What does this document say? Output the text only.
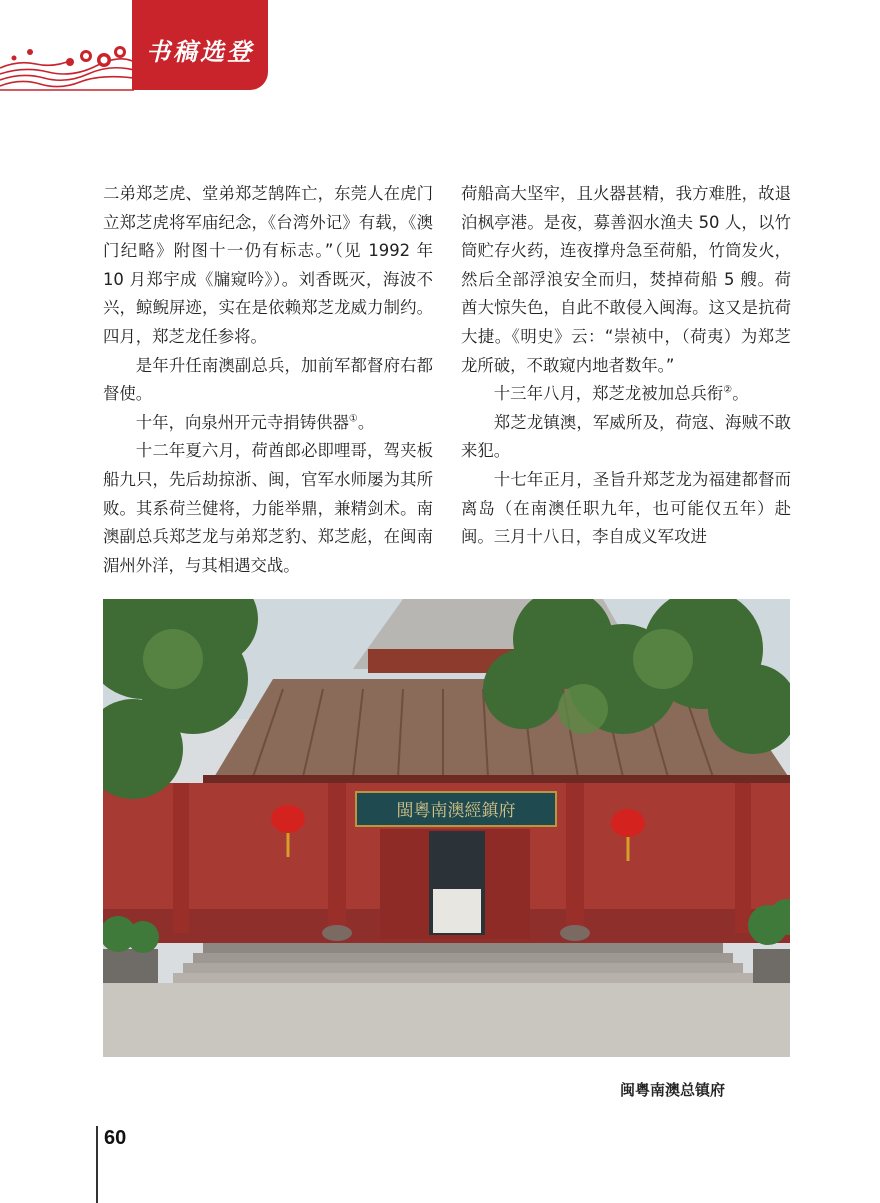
书稿选登

二弟郑芝虎、堂弟郑芝鹄阵亡，东莞人在虎门立郑芝虎将军庙纪念，《台湾外记》有载，《澳门纪略》附图十一仍有标志。”（见 1992 年 10 月郑宇成《牖窥吟》）。刘香既灭，海波不兴，鲸鲵屏迹，实在是依赖郑芝龙威力制约。四月，郑芝龙任参将。

是年升任南澳副总兵，加前军都督府右都督使。

十年，向泉州开元寺捐铸供器①。

十二年夏六月，荷酋郎必即哩哥，驾夹板船九只，先后劫掠浙、闽，官军水师屡为其所败。其系荷兰健将，力能举鼎，兼精剑术。南澳副总兵郑芝龙与弟郑芝豹、郑芝彪，在闽南湄州外洋，与其相遇交战。

荷船高大坚牢，且火器甚精，我方难胜，故退泊枫亭港。是夜，募善泅水渔夫 50 人，以竹筒贮存火药，连夜撑舟急至荷船，竹筒发火，然后全部浮浪安全而归，焚掉荷船 5 艘。荷酋大惊失色，自此不敢侵入闽海。这又是抗荷大捷。《明史》云：“崇祯中，（荷夷）为郑芝龙所破，不敢窥内地者数年。”

十三年八月，郑芝龙被加总兵衔②。

郑芝龙镇澳，军威所及，荷寇、海贼不敢来犯。

十七年正月，圣旨升郑芝龙为福建都督而离岛（在南澳任职九年，也可能仅五年）赴闽。三月十八日，李自成义军攻进

閩粵南澳經鎮府
闽粤南澳总镇府
60
